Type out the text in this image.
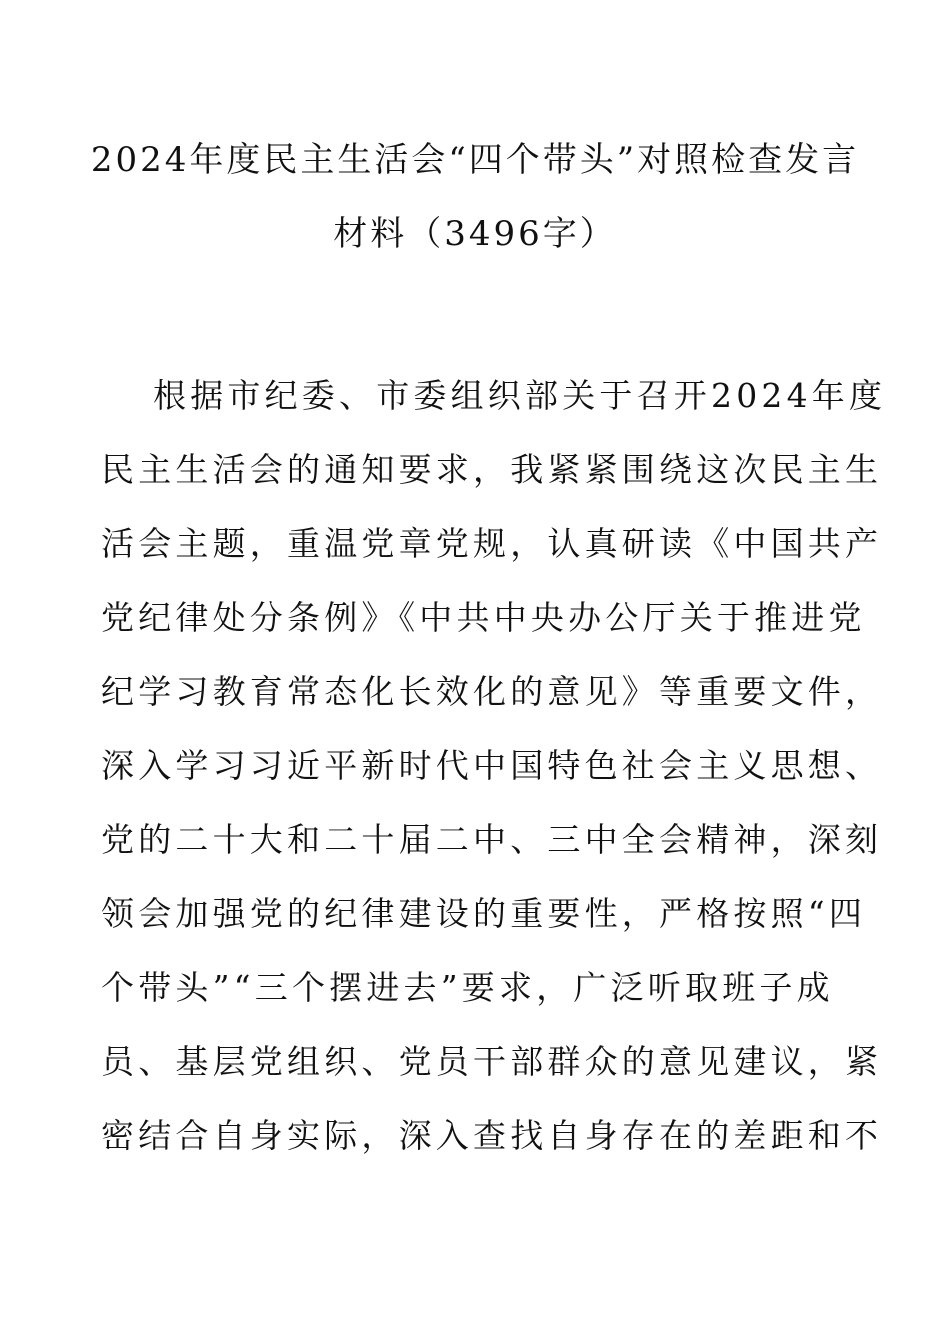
2024年度民主生活会“四个带头”对照检查发言
材料（3496字）
根据市纪委、市委组织部关于召开2024年度
民主生活会的通知要求，我紧紧围绕这次民主生
活会主题，重温党章党规，认真研读《中国共产
党纪律处分条例》《中共中央办公厅关于推进党
纪学习教育常态化长效化的意见》等重要文件，
深入学习习近平新时代中国特色社会主义思想、
党的二十大和二十届二中、三中全会精神，深刻
领会加强党的纪律建设的重要性，严格按照“四
个带头”“三个摆进去”要求，广泛听取班子成
员、基层党组织、党员干部群众的意见建议，紧
密结合自身实际，深入查找自身存在的差距和不
